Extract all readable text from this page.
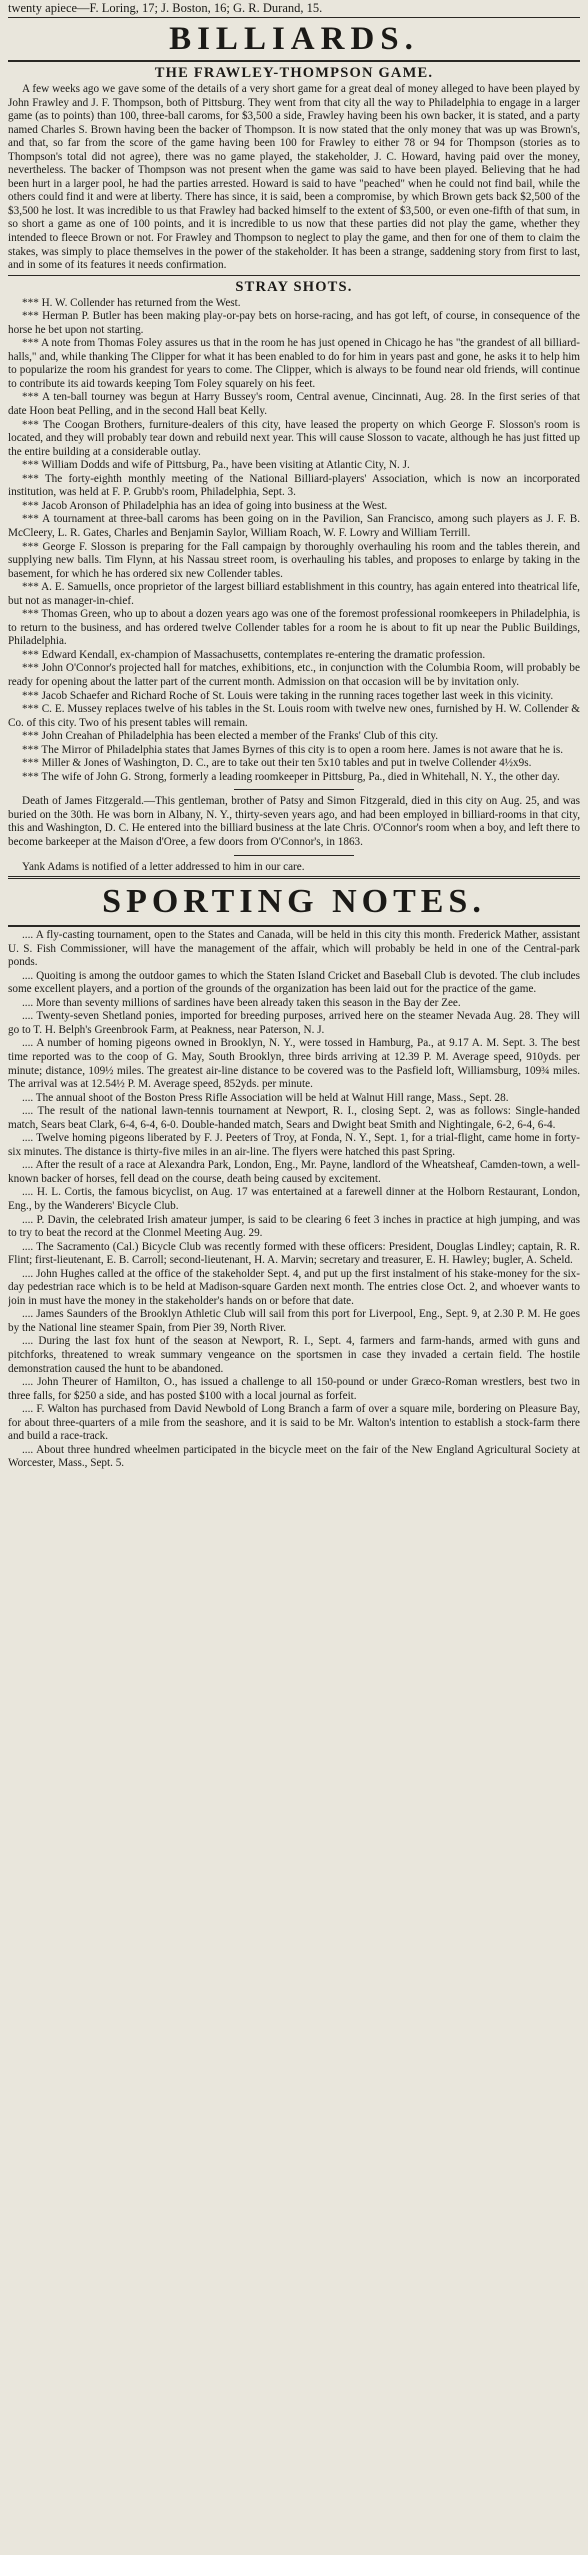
twenty apiece—F. Loring, 17; J. Boston, 16; G. R. Durand, 15.
BILLIARDS.
THE FRAWLEY-THOMPSON GAME.

A few weeks ago we gave some of the details of a very short game for a great deal of money alleged to have been played by John Frawley and J. F. Thompson, both of Pittsburg. They went from that city all the way to Philadelphia to engage in a larger game (as to points) than 100, three-ball caroms, for $3,500 a side, Frawley having been his own backer, it is stated, and a party named Charles S. Brown having been the backer of Thompson. It is now stated that the only money that was up was Brown's, and that, so far from the score of the game having been 100 for Frawley to either 78 or 94 for Thompson (stories as to Thompson's total did not agree), there was no game played, the stakeholder, J. C. Howard, having paid over the money, nevertheless. The backer of Thompson was not present when the game was said to have been played. Believing that he had been hurt in a larger pool, he had the parties arrested. Howard is said to have "peached" when he could not find bail, while the others could find it and were at liberty. There has since, it is said, been a compromise, by which Brown gets back $2,500 of the $3,500 he lost. It was incredible to us that Frawley had backed himself to the extent of $3,500, or even one-fifth of that sum, in so short a game as one of 100 points, and it is incredible to us now that these parties did not play the game, whether they intended to fleece Brown or not. For Frawley and Thompson to neglect to play the game, and then for one of them to claim the stakes, was simply to place themselves in the power of the stakeholder. It has been a strange, saddening story from first to last, and in some of its features it needs confirmation.

STRAY SHOTS.

*** H. W. Collender has returned from the West.

*** Herman P. Butler has been making play-or-pay bets on horse-racing, and has got left, of course, in consequence of the horse he bet upon not starting.

*** A note from Thomas Foley assures us that in the room he has just opened in Chicago he has "the grandest of all billiard-halls," and, while thanking The Clipper for what it has been enabled to do for him in years past and gone, he asks it to help him to popularize the room his grandest for years to come. The Clipper, which is always to be found near old friends, will continue to contribute its aid towards keeping Tom Foley squarely on his feet.

*** A ten-ball tourney was begun at Harry Bussey's room, Central avenue, Cincinnati, Aug. 28. In the first series of that date Hoon beat Pelling, and in the second Hall beat Kelly.

*** The Coogan Brothers, furniture-dealers of this city, have leased the property on which George F. Slosson's room is located, and they will probably tear down and rebuild next year. This will cause Slosson to vacate, although he has just fitted up the entire building at a considerable outlay.

*** William Dodds and wife of Pittsburg, Pa., have been visiting at Atlantic City, N. J.

*** The forty-eighth monthly meeting of the National Billiard-players' Association, which is now an incorporated institution, was held at F. P. Grubb's room, Philadelphia, Sept. 3.

*** Jacob Aronson of Philadelphia has an idea of going into business at the West.

*** A tournament at three-ball caroms has been going on in the Pavilion, San Francisco, among such players as J. F. B. McCleery, L. R. Gates, Charles and Benjamin Saylor, William Roach, W. F. Lowry and William Terrill.

*** George F. Slosson is preparing for the Fall campaign by thoroughly overhauling his room and the tables therein, and supplying new balls. Tim Flynn, at his Nassau street room, is overhauling his tables, and proposes to enlarge by taking in the basement, for which he has ordered six new Collender tables.

*** A. E. Samuells, once proprietor of the largest billiard establishment in this country, has again entered into theatrical life, but not as manager-in-chief.

*** Thomas Green, who up to about a dozen years ago was one of the foremost professional roomkeepers in Philadelphia, is to return to the business, and has ordered twelve Collender tables for a room he is about to fit up near the Public Buildings, Philadelphia.

*** Edward Kendall, ex-champion of Massachusetts, contemplates re-entering the dramatic profession.

*** John O'Connor's projected hall for matches, exhibitions, etc., in conjunction with the Columbia Room, will probably be ready for opening about the latter part of the current month. Admission on that occasion will be by invitation only.

*** Jacob Schaefer and Richard Roche of St. Louis were taking in the running races together last week in this vicinity.

*** C. E. Mussey replaces twelve of his tables in the St. Louis room with twelve new ones, furnished by H. W. Collender & Co. of this city. Two of his present tables will remain.

*** John Creahan of Philadelphia has been elected a member of the Franks' Club of this city.

*** The Mirror of Philadelphia states that James Byrnes of this city is to open a room here. James is not aware that he is.

*** Miller & Jones of Washington, D. C., are to take out their ten 5x10 tables and put in twelve Collender 4½x9s.

*** The wife of John G. Strong, formerly a leading roomkeeper in Pittsburg, Pa., died in Whitehall, N. Y., the other day.

Death of James Fitzgerald.—This gentleman, brother of Patsy and Simon Fitzgerald, died in this city on Aug. 25, and was buried on the 30th. He was born in Albany, N. Y., thirty-seven years ago, and had been employed in billiard-rooms in that city, this and Washington, D. C. He entered into the billiard business at the late Chris. O'Connor's room when a boy, and left there to become barkeeper at the Maison d'Oree, a few doors from O'Connor's, in 1863.

Yank Adams is notified of a letter addressed to him in our care.

SPORTING NOTES.

.... A fly-casting tournament, open to the States and Canada, will be held in this city this month. Frederick Mather, assistant U. S. Fish Commissioner, will have the management of the affair, which will probably be held in one of the Central-park ponds.

.... Quoiting is among the outdoor games to which the Staten Island Cricket and Baseball Club is devoted. The club includes some excellent players, and a portion of the grounds of the organization has been laid out for the practice of the game.

.... More than seventy millions of sardines have been already taken this season in the Bay der Zee.

.... Twenty-seven Shetland ponies, imported for breeding purposes, arrived here on the steamer Nevada Aug. 28. They will go to T. H. Belph's Greenbrook Farm, at Peakness, near Paterson, N. J.

.... A number of homing pigeons owned in Brooklyn, N. Y., were tossed in Hamburg, Pa., at 9.17 A. M. Sept. 3. The best time reported was to the coop of G. May, South Brooklyn, three birds arriving at 12.39 P. M. Average speed, 910yds. per minute; distance, 109½ miles. The greatest air-line distance to be covered was to the Pasfield loft, Williamsburg, 109¾ miles. The arrival was at 12.54½ P. M. Average speed, 852yds. per minute.

.... The annual shoot of the Boston Press Rifle Association will be held at Walnut Hill range, Mass., Sept. 28.

.... The result of the national lawn-tennis tournament at Newport, R. I., closing Sept. 2, was as follows: Single-handed match, Sears beat Clark, 6-4, 6-4, 6-0. Double-handed match, Sears and Dwight beat Smith and Nightingale, 6-2, 6-4, 6-4.

.... Twelve homing pigeons liberated by F. J. Peeters of Troy, at Fonda, N. Y., Sept. 1, for a trial-flight, came home in forty-six minutes. The distance is thirty-five miles in an air-line. The flyers were hatched this past Spring.

.... After the result of a race at Alexandra Park, London, Eng., Mr. Payne, landlord of the Wheatsheaf, Camden-town, a well-known backer of horses, fell dead on the course, death being caused by excitement.

.... H. L. Cortis, the famous bicyclist, on Aug. 17 was entertained at a farewell dinner at the Holborn Restaurant, London, Eng., by the Wanderers' Bicycle Club.

.... P. Davin, the celebrated Irish amateur jumper, is said to be clearing 6 feet 3 inches in practice at high jumping, and was to try to beat the record at the Clonmel Meeting Aug. 29.

.... The Sacramento (Cal.) Bicycle Club was recently formed with these officers: President, Douglas Lindley; captain, R. R. Flint; first-lieutenant, E. B. Carroll; second-lieutenant, H. A. Marvin; secretary and treasurer, E. H. Hawley; bugler, A. Scheld.

.... John Hughes called at the office of the stakeholder Sept. 4, and put up the first instalment of his stake-money for the six-day pedestrian race which is to be held at Madison-square Garden next month. The entries close Oct. 2, and whoever wants to join in must have the money in the stakeholder's hands on or before that date.

.... James Saunders of the Brooklyn Athletic Club will sail from this port for Liverpool, Eng., Sept. 9, at 2.30 P. M. He goes by the National line steamer Spain, from Pier 39, North River.

.... During the last fox hunt of the season at Newport, R. I., Sept. 4, farmers and farm-hands, armed with guns and pitchforks, threatened to wreak summary vengeance on the sportsmen in case they invaded a certain field. The hostile demonstration caused the hunt to be abandoned.

.... John Theurer of Hamilton, O., has issued a challenge to all 150-pound or under Græco-Roman wrestlers, best two in three falls, for $250 a side, and has posted $100 with a local journal as forfeit.

.... F. Walton has purchased from David Newbold of Long Branch a farm of over a square mile, bordering on Pleasure Bay, for about three-quarters of a mile from the seashore, and it is said to be Mr. Walton's intention to establish a stock-farm there and build a race-track.

.... About three hundred wheelmen participated in the bicycle meet on the fair of the New England Agricultural Society at Worcester, Mass., Sept. 5.
